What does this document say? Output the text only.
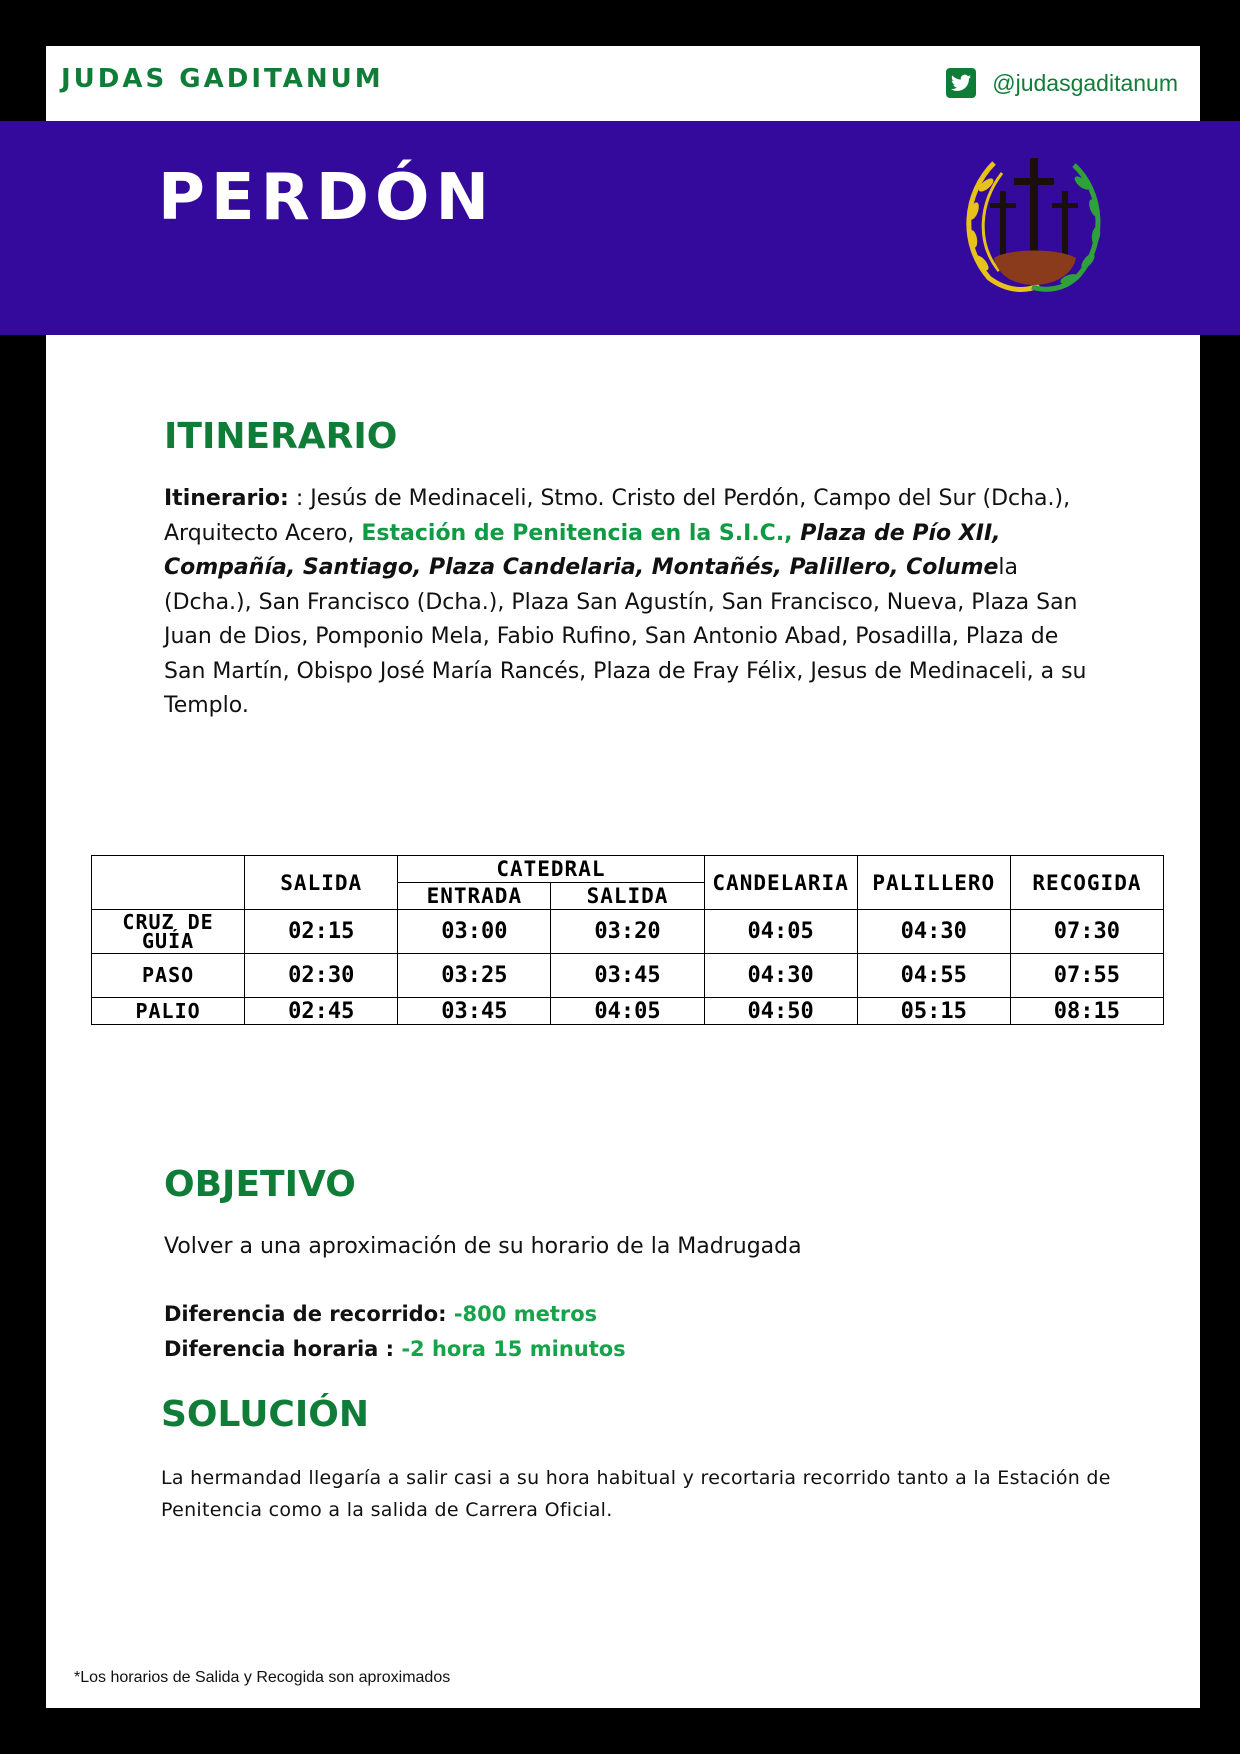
JUDAS GADITANUM	@judasgaditanum
PERDÓN
ITINERARIO

Itinerario: : Jesús de Medinaceli, Stmo. Cristo del Perdón, Campo del Sur (Dcha.), Arquitecto Acero, Estación de Penitencia en la S.I.C., Plaza de Pío XII, Compañía, Santiago, Plaza Candelaria, Montañés, Palillero, Columela (Dcha.), San Francisco (Dcha.), Plaza San Agustín, San Francisco, Nueva, Plaza San Juan de Dios, Pomponio Mela, Fabio Rufino, San Antonio Abad, Posadilla, Plaza de San Martín, Obispo José María Rancés, Plaza de Fray Félix, Jesus de Medinaceli, a su Templo.

	SALIDA	CATEDRAL		CANDELARIA	PALILLERO	RECOGIDA
		ENTRADA	SALIDA			
CRUZ DE GUÍA	02:15	03:00	03:20	04:05	04:30	07:30
PASO	02:30	03:25	03:45	04:30	04:55	07:55
PALIO	02:45	03:45	04:05	04:50	05:15	08:15
OBJETIVO

Volver a una aproximación de su horario de la Madrugada

Diferencia de recorrido: -800 metros

Diferencia horaria : -2 hora 15 minutos

SOLUCIÓN

La hermandad llegaría a salir casi a su hora habitual y recortaria recorrido tanto a la Estación de Penitencia como a la salida de Carrera Oficial.

*Los horarios de Salida y Recogida son aproximados
